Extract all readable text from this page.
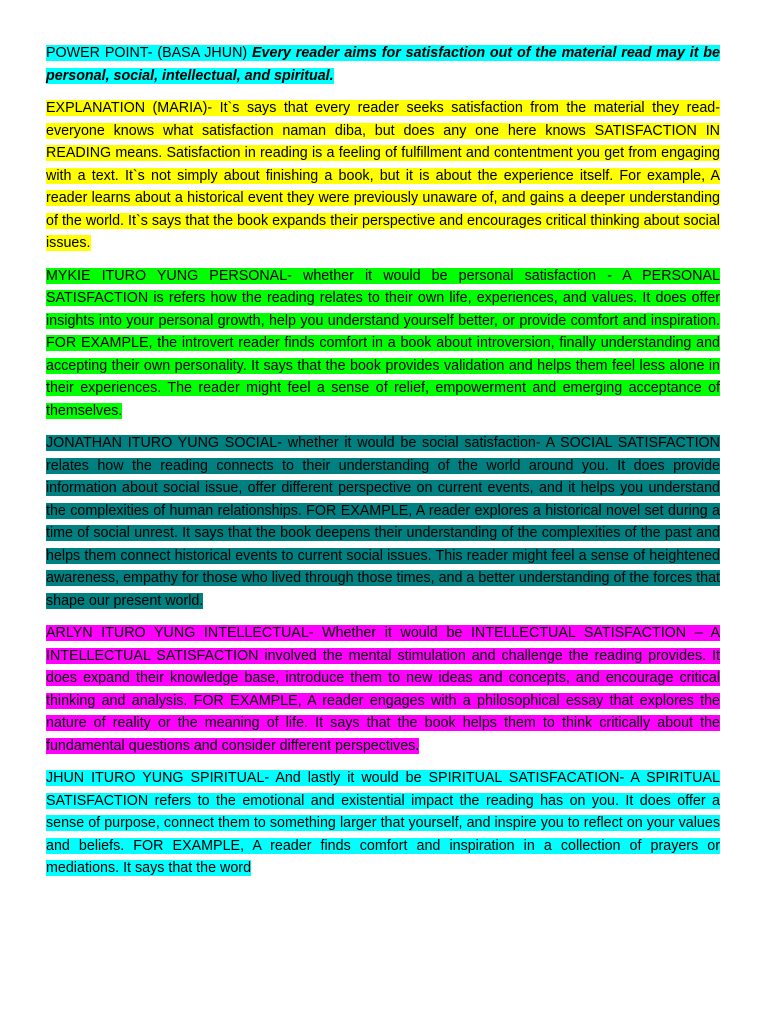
POWER POINT- (BASA JHUN) Every reader aims for satisfaction out of the material read may it be personal, social, intellectual, and spiritual.

EXPLANATION (MARIA)- It`s says that every reader seeks satisfaction from the material they read- everyone knows what satisfaction naman diba, but does any one here knows SATISFACTION IN READING means. Satisfaction in reading is a feeling of fulfillment and contentment you get from engaging with a text. It`s not simply about finishing a book, but it is about the experience itself. For example, A reader learns about a historical event they were previously unaware of, and gains a deeper understanding of the world. It`s says that the book expands their perspective and encourages critical thinking about social issues.

MYKIE ITURO YUNG PERSONAL- whether it would be personal satisfaction - A PERSONAL SATISFACTION is refers how the reading relates to their own life, experiences, and values. It does offer insights into your personal growth, help you understand yourself better, or provide comfort and inspiration. FOR EXAMPLE, the introvert reader finds comfort in a book about introversion, finally understanding and accepting their own personality. It says that the book provides validation and helps them feel less alone in their experiences. The reader might feel a sense of relief, empowerment and emerging acceptance of themselves.

JONATHAN ITURO YUNG SOCIAL- whether it would be social satisfaction- A SOCIAL SATISFACTION relates how the reading connects to their understanding of the world around you. It does provide information about social issue, offer different perspective on current events, and it helps you understand the complexities of human relationships. FOR EXAMPLE, A reader explores a historical novel set during a time of social unrest. It says that the book deepens their understanding of the complexities of the past and helps them connect historical events to current social issues. This reader might feel a sense of heightened awareness, empathy for those who lived through those times, and a better understanding of the forces that shape our present world.

ARLYN ITURO YUNG INTELLECTUAL- Whether it would be INTELLECTUAL SATISFACTION – A INTELLECTUAL SATISFACTION involved the mental stimulation and challenge the reading provides. It does expand their knowledge base, introduce them to new ideas and concepts, and encourage critical thinking and analysis. FOR EXAMPLE, A reader engages with a philosophical essay that explores the nature of reality or the meaning of life. It says that the book helps them to think critically about the fundamental questions and consider different perspectives.

JHUN ITURO YUNG SPIRITUAL- And lastly it would be SPIRITUAL SATISFACATION- A SPIRITUAL SATISFACTION refers to the emotional and existential impact the reading has on you. It does offer a sense of purpose, connect them to something larger that yourself, and inspire you to reflect on your values and beliefs. FOR EXAMPLE, A reader finds comfort and inspiration in a collection of prayers or mediations. It says that the word
